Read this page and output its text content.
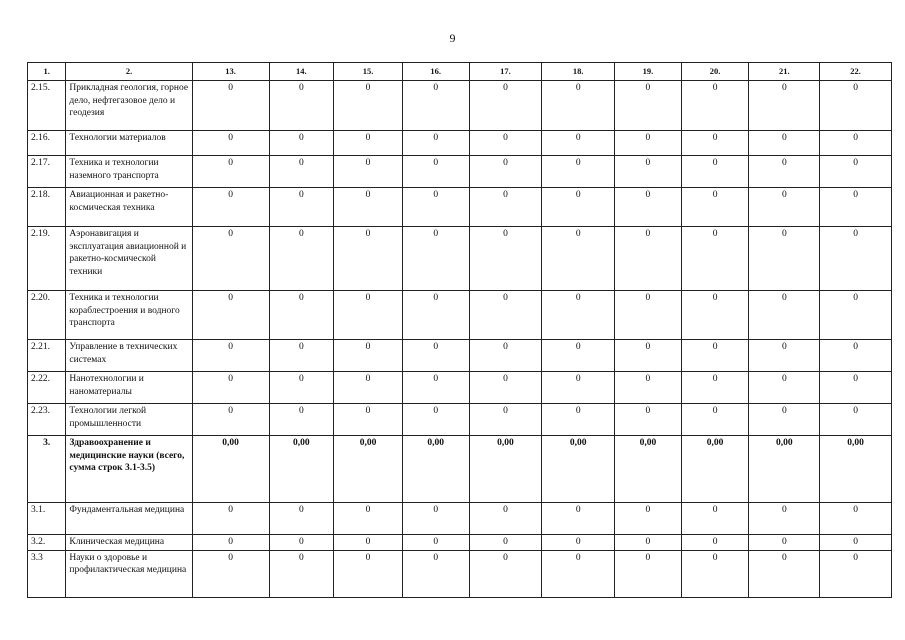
9
1.	2.	13.	14.	15.	16.	17.	18.	19.	20.	21.	22.
2.15.	Прикладная геология, горное дело, нефтегазовое дело и геодезия	0	0	0	0	0	0	0	0	0	0
2.16.	Технологии материалов	0	0	0	0	0	0	0	0	0	0
2.17.	Техника и технологии наземного транспорта	0	0	0	0	0	0	0	0	0	0
2.18.	Авиационная и ракетно-космическая техника	0	0	0	0	0	0	0	0	0	0
2.19.	Аэронавигация и эксплуатация авиационной и ракетно-космической техники	0	0	0	0	0	0	0	0	0	0
2.20.	Техника и технологии кораблестроения и водного транспорта	0	0	0	0	0	0	0	0	0	0
2.21.	Управление в технических системах	0	0	0	0	0	0	0	0	0	0
2.22.	Нанотехнологии и наноматериалы	0	0	0	0	0	0	0	0	0	0
2.23.	Технологии легкой промышленности	0	0	0	0	0	0	0	0	0	0
3.	Здравоохранение и медицинские науки (всего, сумма строк 3.1-3.5)	0,00	0,00	0,00	0,00	0,00	0,00	0,00	0,00	0,00	0,00
3.1.	Фундаментальная медицина	0	0	0	0	0	0	0	0	0	0
3.2.	Клиническая медицина	0	0	0	0	0	0	0	0	0	0
3.3	Науки о здоровье и профилактическая медицина	0	0	0	0	0	0	0	0	0	0
